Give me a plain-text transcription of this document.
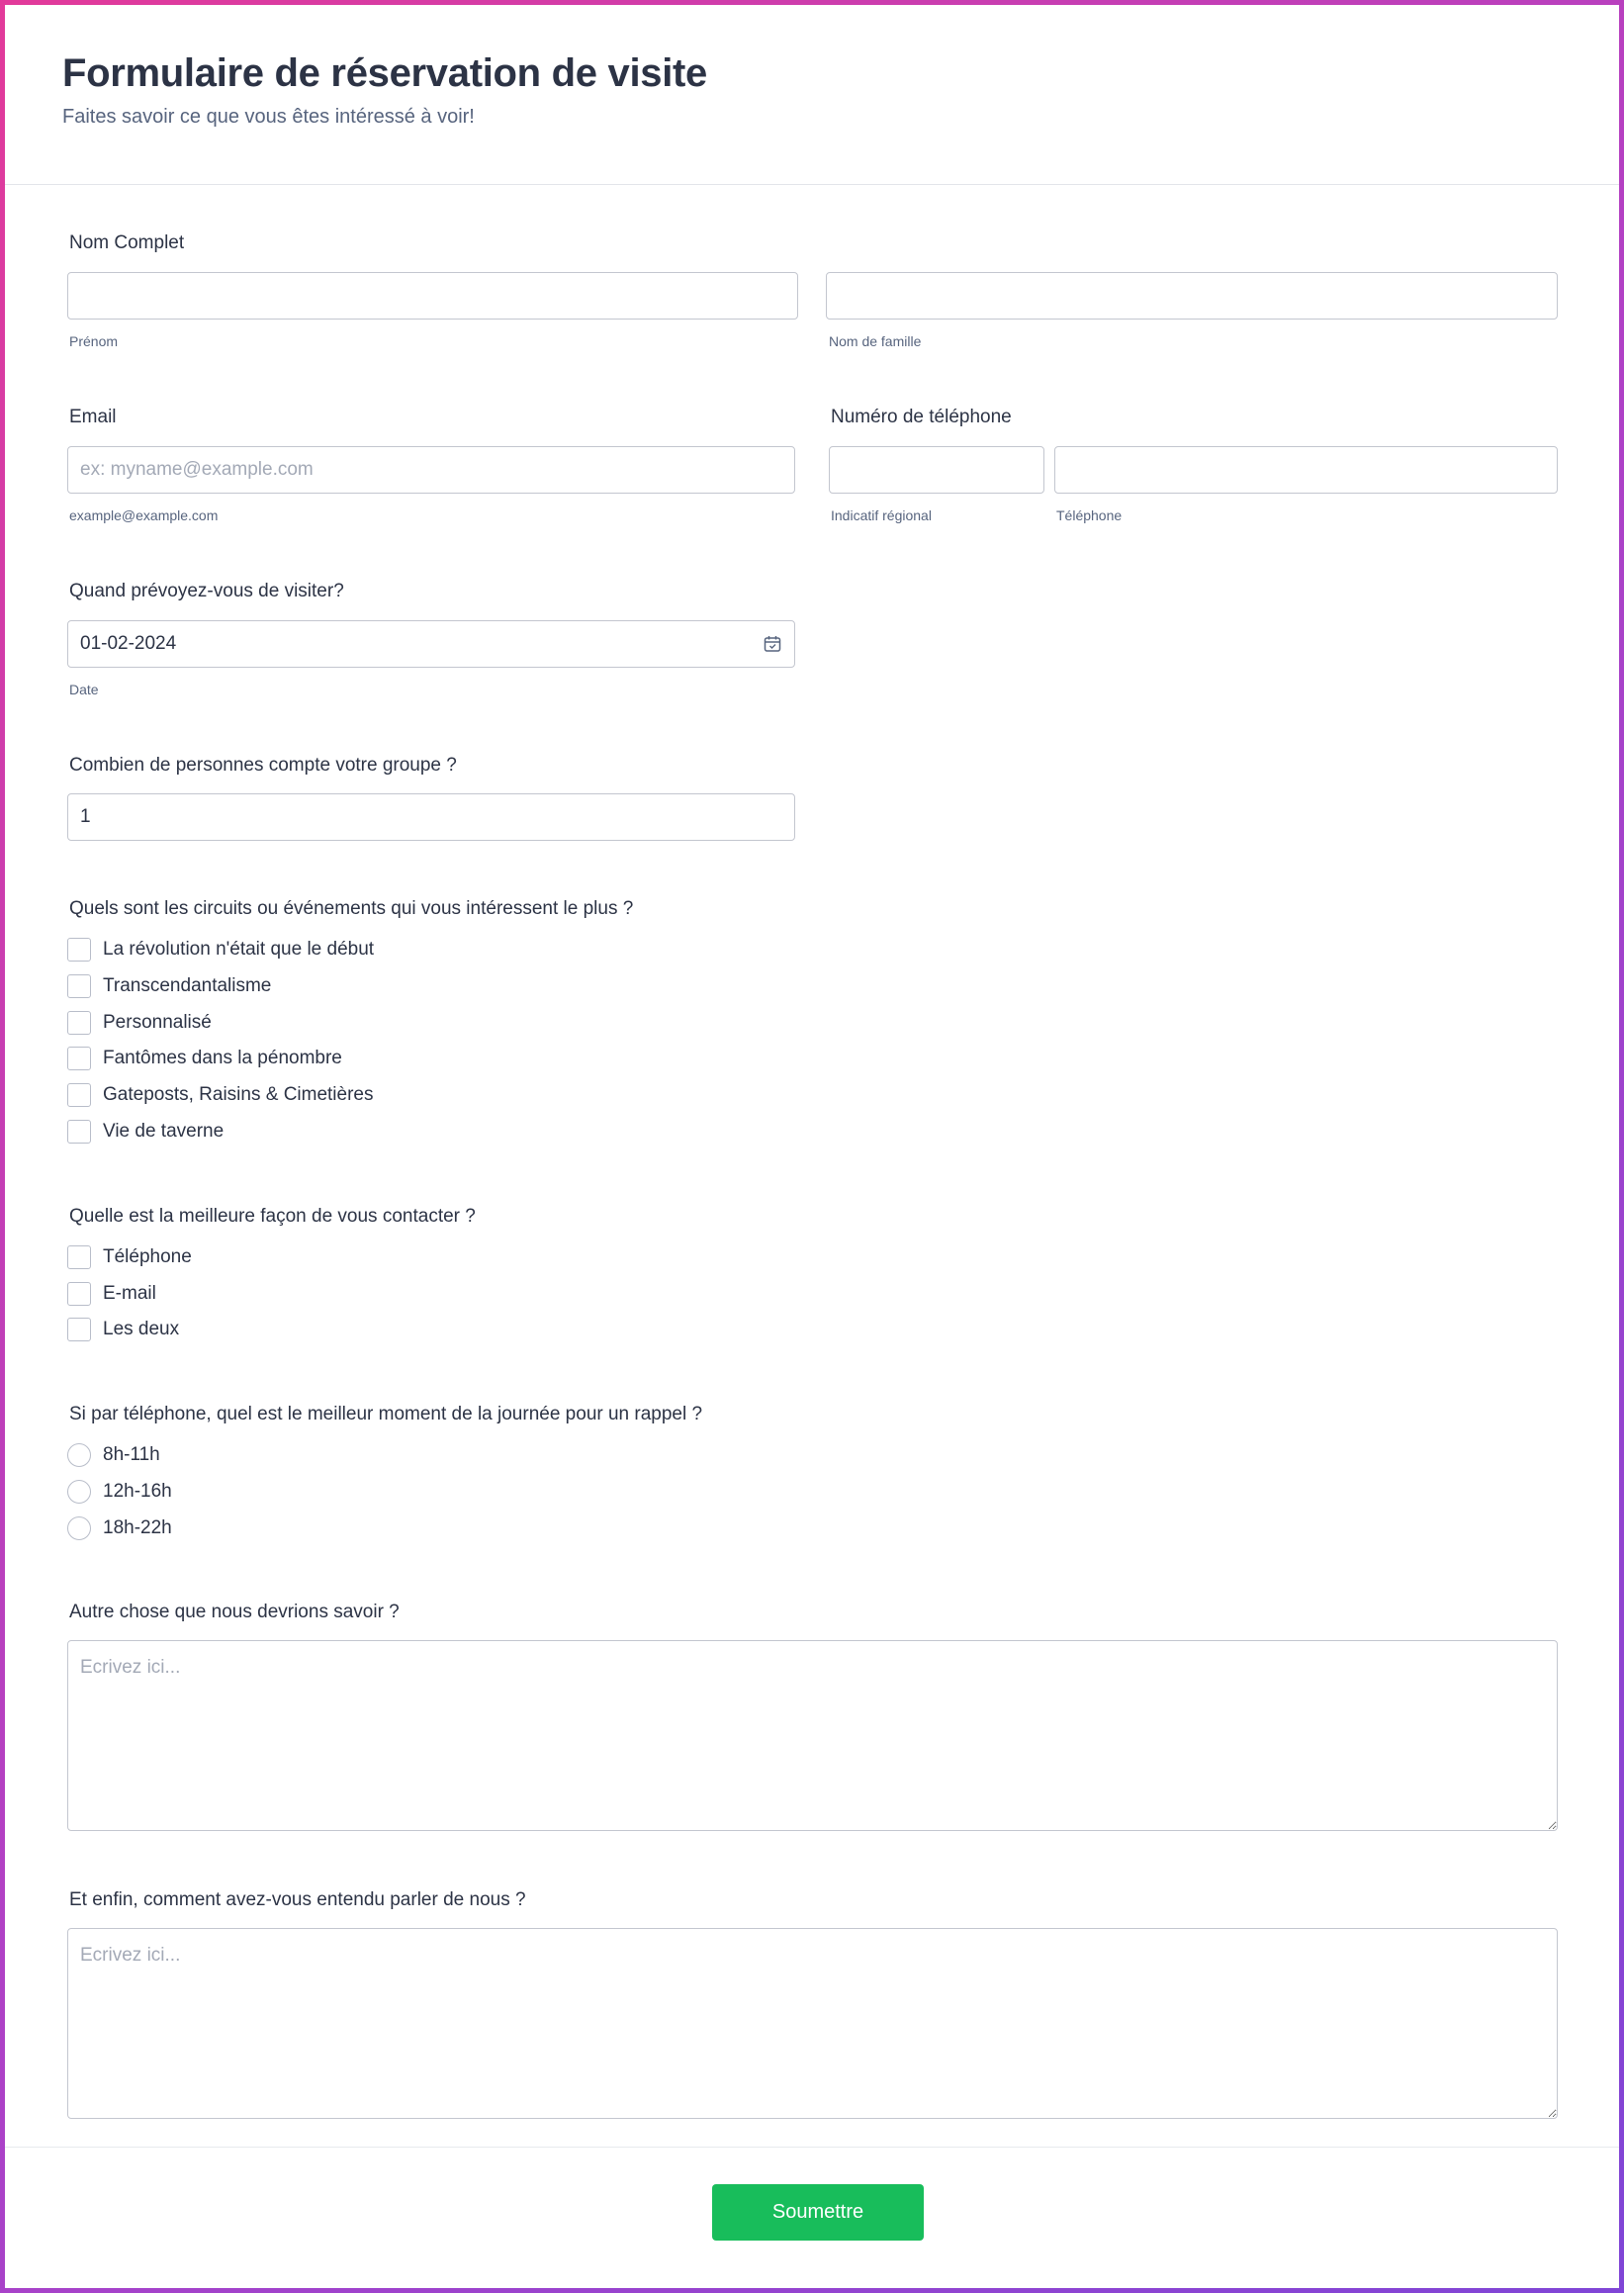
Formulaire de réservation de visite
Faites savoir ce que vous êtes intéressé à voir!
Nom Complet
Prénom	Nom de famille
Email
ex: myname@example.com
example@example.com
Numéro de téléphone
Indicatif régional	Téléphone
Quand prévoyez-vous de visiter?
01-02-2024
Date
Combien de personnes compte votre groupe ?
1
Quels sont les circuits ou événements qui vous intéressent le plus ?
La révolution n'était que le début
Transcendantalisme
Personnalisé
Fantômes dans la pénombre
Gateposts, Raisins & Cimetières
Vie de taverne
Quelle est la meilleure façon de vous contacter ?
Téléphone
E-mail
Les deux
Si par téléphone, quel est le meilleur moment de la journée pour un rappel ?
8h-11h
12h-16h
18h-22h
Autre chose que nous devrions savoir ?
Ecrivez ici...
Et enfin, comment avez-vous entendu parler de nous ?
Ecrivez ici...
Soumettre
